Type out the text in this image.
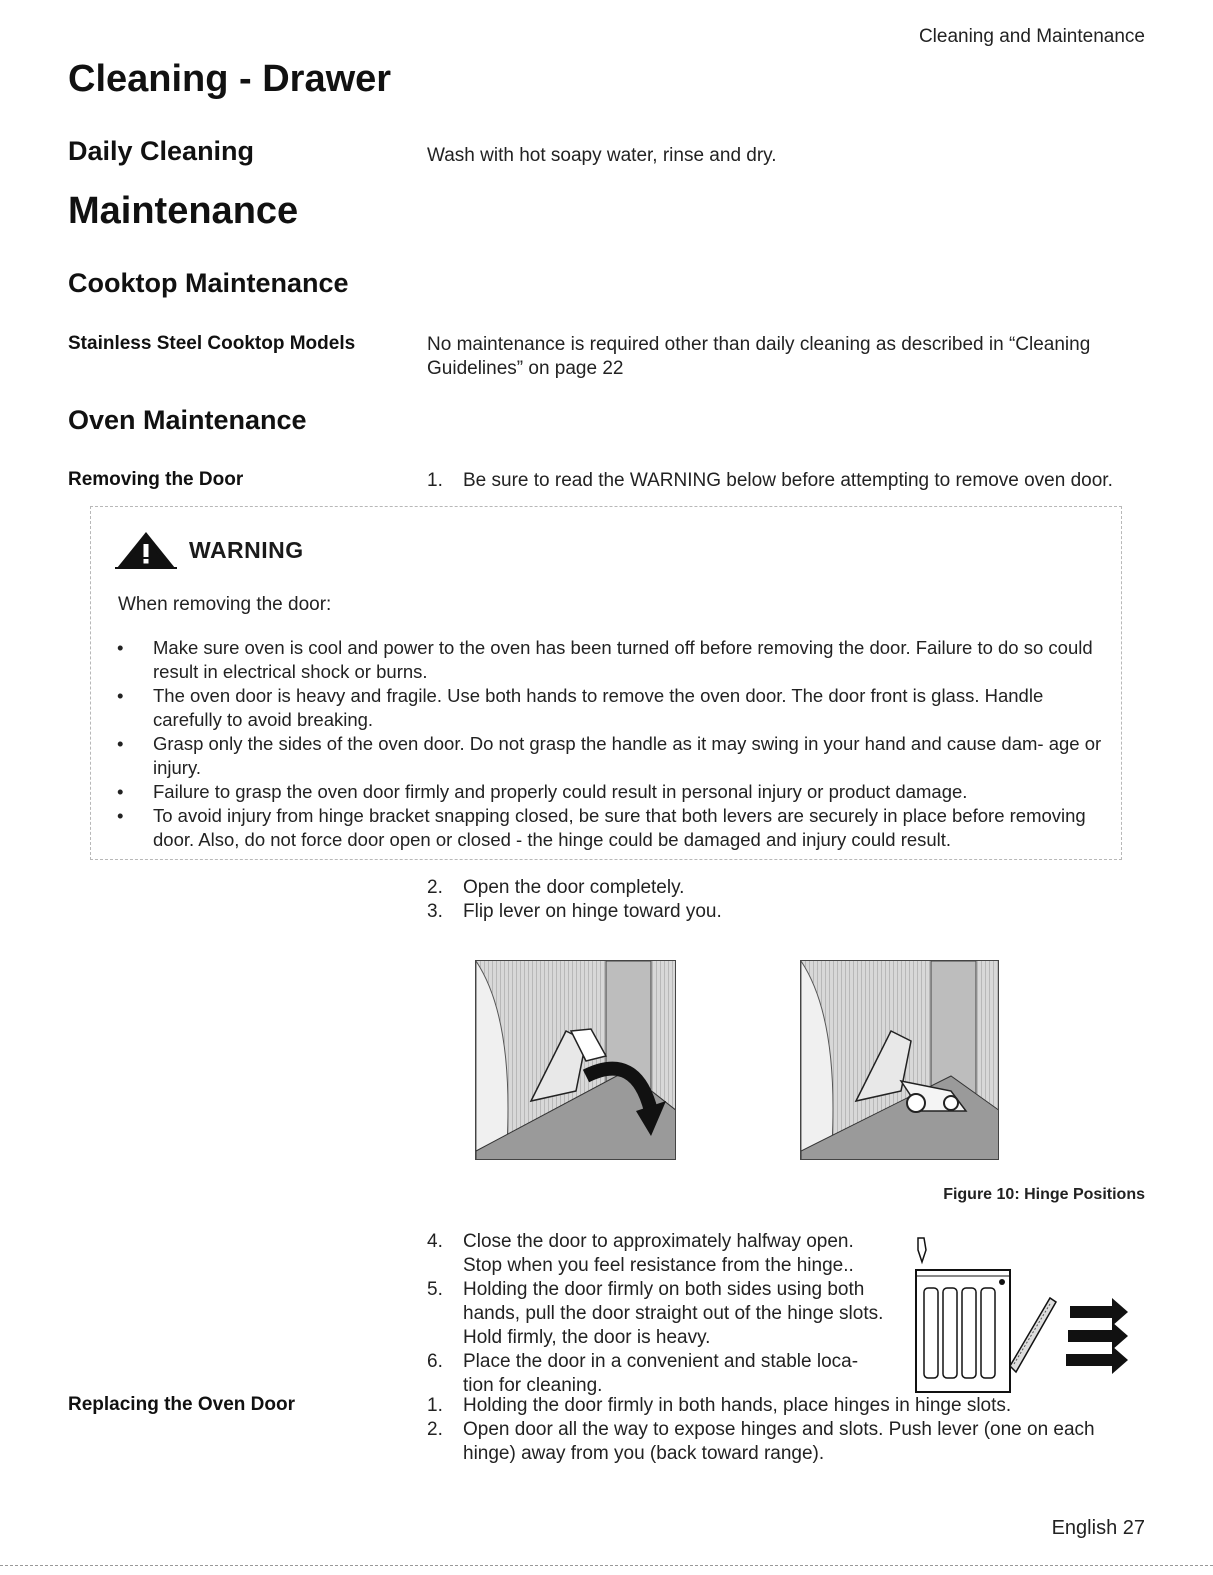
Cleaning and Maintenance
Cleaning - Drawer
Daily Cleaning	Wash with hot soapy water, rinse and dry.
Maintenance
Cooktop Maintenance
Stainless Steel Cooktop Models	No maintenance is required other than daily cleaning as described in “Cleaning
Guidelines” on page 22
Oven Maintenance
Removing the Door	1.	Be sure to read the WARNING below before attempting to remove oven door.
WARNING
When removing the door:
• Make sure oven is cool and power to the oven has been turned off before removing the door. Failure to do so could result in electrical shock or burns.
• The oven door is heavy and fragile. Use both hands to remove the oven door. The door front is glass. Handle carefully to avoid breaking.
• Grasp only the sides of the oven door. Do not grasp the handle as it may swing in your hand and cause dam- age or injury.
• Failure to grasp the oven door firmly and properly could result in personal injury or product damage.
• To avoid injury from hinge bracket snapping closed, be sure that both levers are securely in place before removing door. Also, do not force door open or closed - the hinge could be damaged and injury could result.
2.	Open the door completely.
3.	Flip lever on hinge toward you.
Figure 10: Hinge Positions
4.	Close the door to approximately halfway open. Stop when you feel resistance from the hinge..
5.	Holding the door firmly on both sides using both hands, pull the door straight out of the hinge slots. Hold firmly, the door is heavy.
6.	Place the door in a convenient and stable loca- tion for cleaning.
Replacing the Oven Door	1.	Holding the door firmly in both hands, place hinges in hinge slots.
2.	Open door all the way to expose hinges and slots. Push lever (one on each hinge) away from you (back toward range).
English 27
